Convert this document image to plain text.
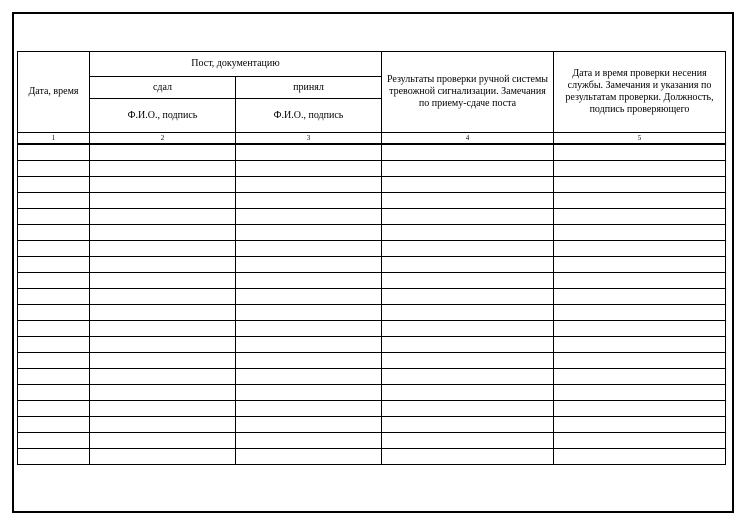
Дата, время	Пост, документацию		Результаты проверки ручной системы тревожной сигнализации. Замечания по приему-сдаче поста	Дата и время проверки несения службы. Замечания и указания по результатам проверки. Должность, подпись проверяющего
	сдал	принял		
	Ф.И.О., подпись	Ф.И.О., подпись		
1	2	3	4	5
